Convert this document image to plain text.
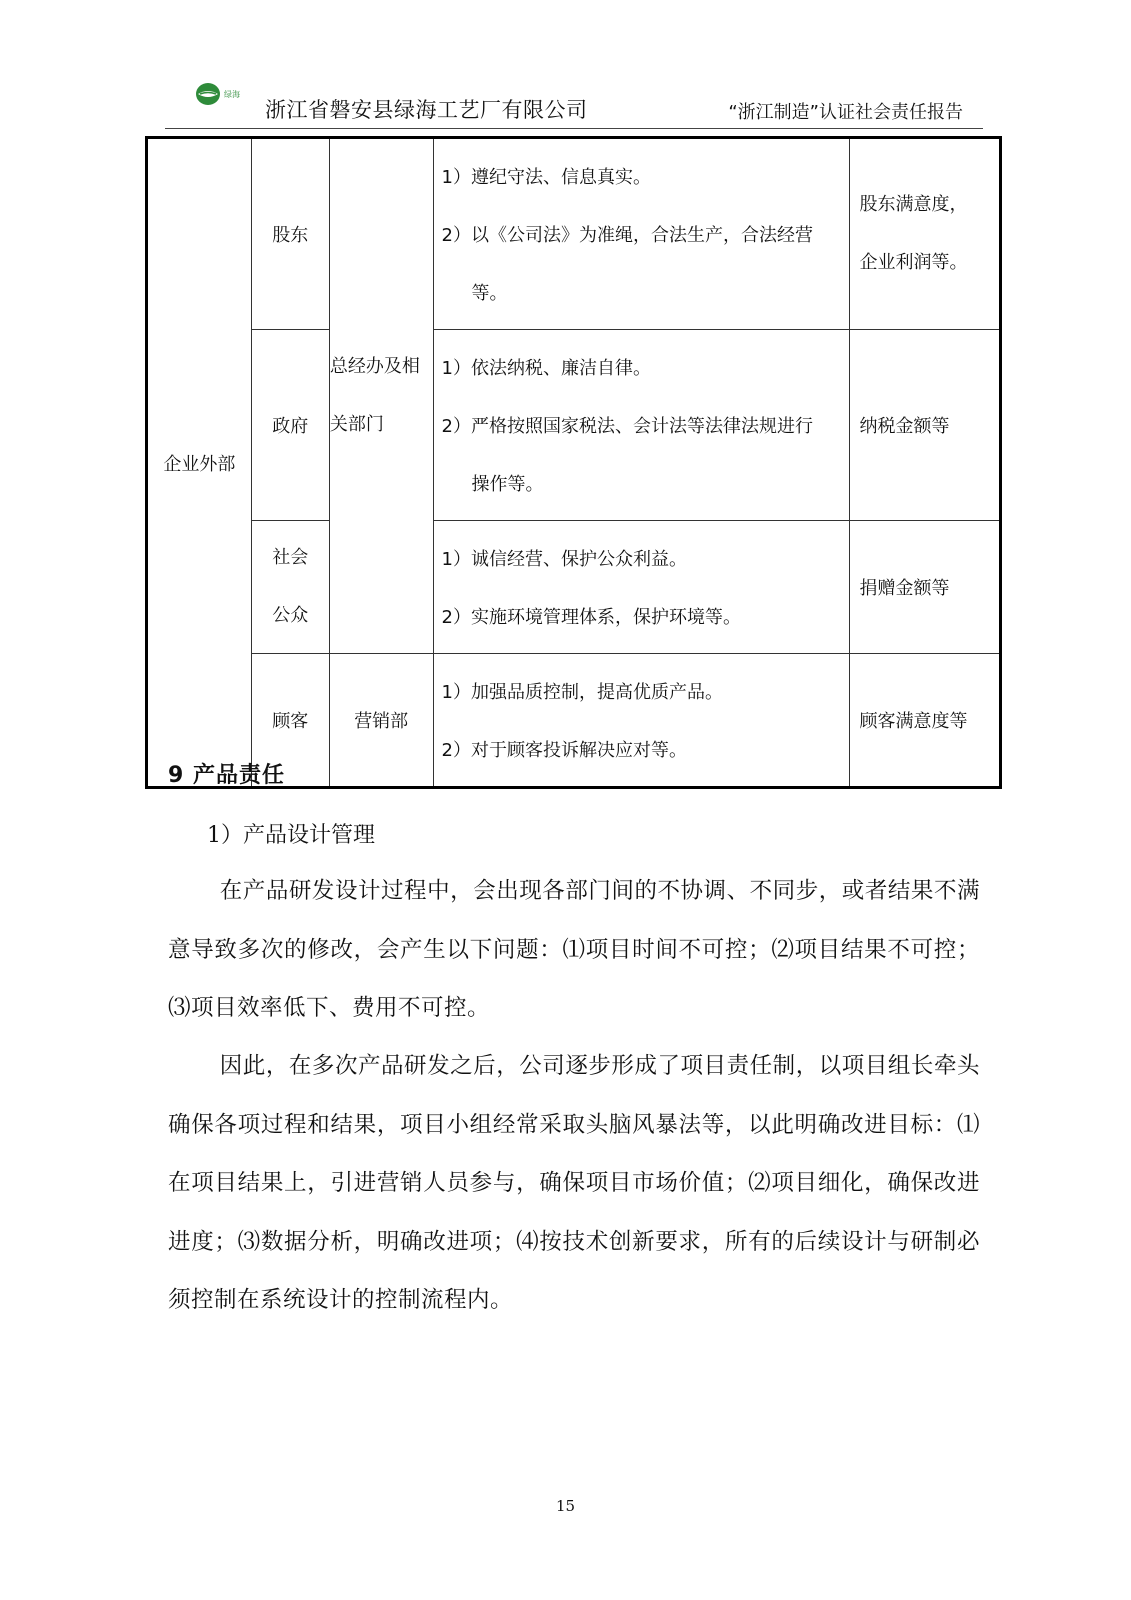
绿海
浙江省磐安县绿海工艺厂有限公司	“浙江制造”认证社会责任报告
企业外部	股东	总经办及相
关部门	1）遵纪守法、信息真实。
2）以《公司法》为准绳，合法生产，合法经营
等。	股东满意度，
企业利润等。

	政府		1）依法纳税、廉洁自律。
2）严格按照国家税法、会计法等法律法规进行
操作等。	纳税金额等

	社会
公众		1）诚信经营、保护公众利益。
2）实施环境管理体系，保护环境等。	捐赠金额等
	顾客	营销部	1）加强品质控制，提高优质产品。
2）对于顾客投诉解决应对等。	顾客满意度等
9 产品责任
1）产品设计管理
在产品研发设计过程中，会出现各部门间的不协调、不同步，或者结果不满意导致多次的修改，会产生以下问题：⑴项目时间不可控；⑵项目结果不可控；⑶项目效率低下、费用不可控。
因此，在多次产品研发之后，公司逐步形成了项目责任制，以项目组长牵头确保各项过程和结果，项目小组经常采取头脑风暴法等，以此明确改进目标：⑴在项目结果上，引进营销人员参与，确保项目市场价值；⑵项目细化，确保改进进度；⑶数据分析，明确改进项；⑷按技术创新要求，所有的后续设计与研制必须控制在系统设计的控制流程内。
15
